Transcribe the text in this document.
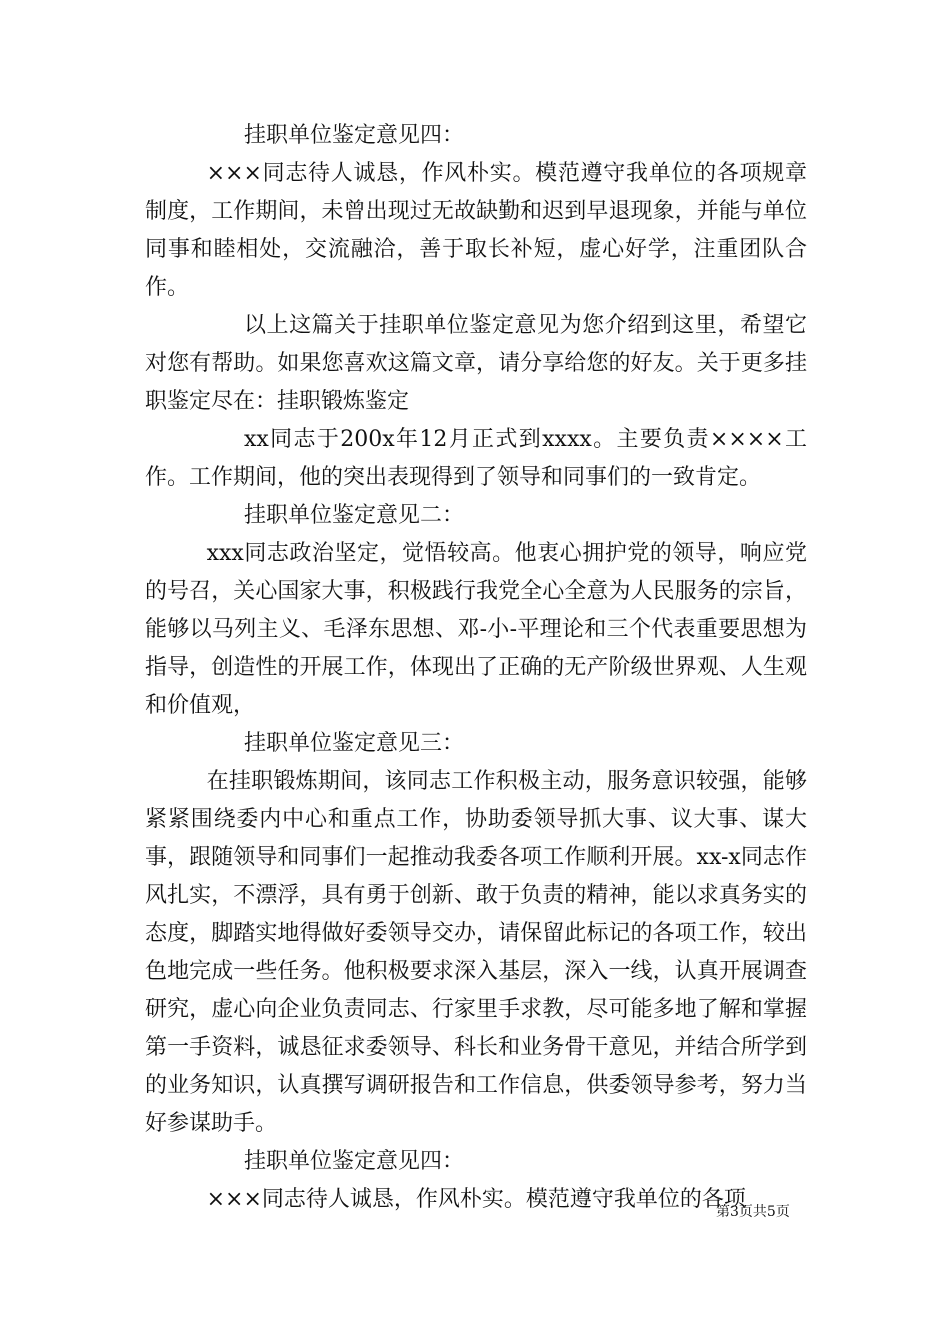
挂职单位鉴定意见四：

×××同志待人诚恳，作风朴实。模范遵守我单位的各项规章制度，工作期间，未曾出现过无故缺勤和迟到早退现象，并能与单位同事和睦相处，交流融洽，善于取长补短，虚心好学，注重团队合作。

以上这篇关于挂职单位鉴定意见为您介绍到这里，希望它对您有帮助。如果您喜欢这篇文章，请分享给您的好友。关于更多挂职鉴定尽在：挂职锻炼鉴定

xx同志于200x年12月正式到xxxx。主要负责××××工作。工作期间，他的突出表现得到了领导和同事们的一致肯定。

挂职单位鉴定意见二：

xxx同志政治坚定，觉悟较高。他衷心拥护党的领导，响应党的号召，关心国家大事，积极践行我党全心全意为人民服务的宗旨，能够以马列主义、毛泽东思想、邓-小-平理论和三个代表重要思想为指导，创造性的开展工作，体现出了正确的无产阶级世界观、人生观和价值观，

挂职单位鉴定意见三：

在挂职锻炼期间，该同志工作积极主动，服务意识较强，能够紧紧围绕委内中心和重点工作，协助委领导抓大事、议大事、谋大事，跟随领导和同事们一起推动我委各项工作顺利开展。xx-x同志作风扎实，不漂浮，具有勇于创新、敢于负责的精神，能以求真务实的态度，脚踏实地得做好委领导交办，请保留此标记的各项工作，较出色地完成一些任务。他积极要求深入基层，深入一线，认真开展调查研究，虚心向企业负责同志、行家里手求教，尽可能多地了解和掌握第一手资料，诚恳征求委领导、科长和业务骨干意见，并结合所学到的业务知识，认真撰写调研报告和工作信息，供委领导参考，努力当好参谋助手。

挂职单位鉴定意见四：

×××同志待人诚恳，作风朴实。模范遵守我单位的各项

第3页共5页
